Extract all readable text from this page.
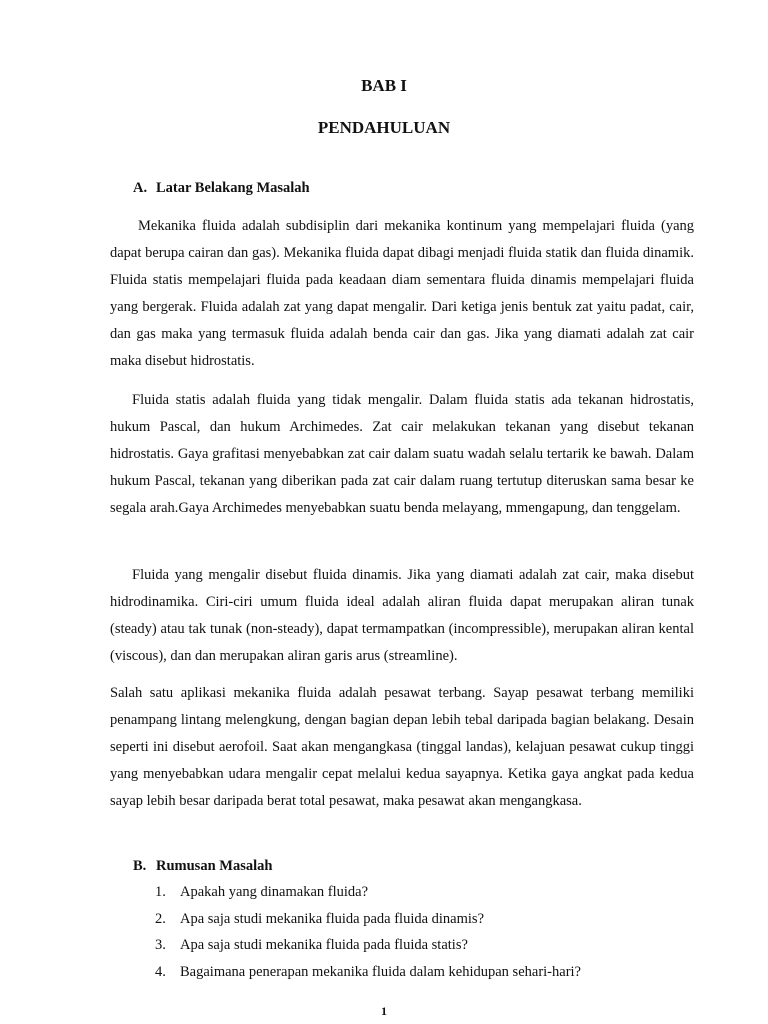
BAB I
PENDAHULUAN
A. Latar Belakang Masalah

Mekanika fluida adalah subdisiplin dari mekanika kontinum yang mempelajari fluida (yang dapat berupa cairan dan gas). Mekanika fluida dapat dibagi menjadi fluida statik dan fluida dinamik. Fluida statis mempelajari fluida pada keadaan diam sementara fluida dinamis mempelajari fluida yang bergerak. Fluida adalah zat yang dapat mengalir. Dari ketiga jenis bentuk zat yaitu padat, cair, dan gas maka yang termasuk fluida adalah benda cair dan gas. Jika yang diamati adalah zat cair maka disebut hidrostatis.

Fluida statis adalah fluida yang tidak mengalir. Dalam fluida statis ada tekanan hidrostatis, hukum Pascal, dan hukum Archimedes. Zat cair melakukan tekanan yang disebut tekanan hidrostatis. Gaya grafitasi menyebabkan zat cair dalam suatu wadah selalu tertarik ke bawah. Dalam hukum Pascal, tekanan yang diberikan pada zat cair dalam ruang tertutup diteruskan sama besar ke segala arah.Gaya Archimedes menyebabkan suatu benda melayang, mmengapung, dan tenggelam.

Fluida yang mengalir disebut fluida dinamis. Jika yang diamati adalah zat cair, maka disebut hidrodinamika. Ciri-ciri umum fluida ideal adalah aliran fluida dapat merupakan aliran tunak (steady) atau tak tunak (non-steady), dapat termampatkan (incompressible), merupakan aliran kental (viscous), dan dan merupakan aliran garis arus (streamline).

Salah satu aplikasi mekanika fluida adalah pesawat terbang. Sayap pesawat terbang memiliki penampang lintang melengkung, dengan bagian depan lebih tebal daripada bagian belakang. Desain seperti ini disebut aerofoil. Saat akan mengangkasa (tinggal landas), kelajuan pesawat cukup tinggi yang menyebabkan udara mengalir cepat melalui kedua sayapnya. Ketika gaya angkat pada kedua sayap lebih besar daripada berat total pesawat, maka pesawat akan mengangkasa.

B. Rumusan Masalah
1. Apakah yang dinamakan fluida?
2. Apa saja studi mekanika fluida pada fluida dinamis?
3. Apa saja studi mekanika fluida pada fluida statis?
4. Bagaimana penerapan mekanika fluida dalam kehidupan sehari-hari?
1
